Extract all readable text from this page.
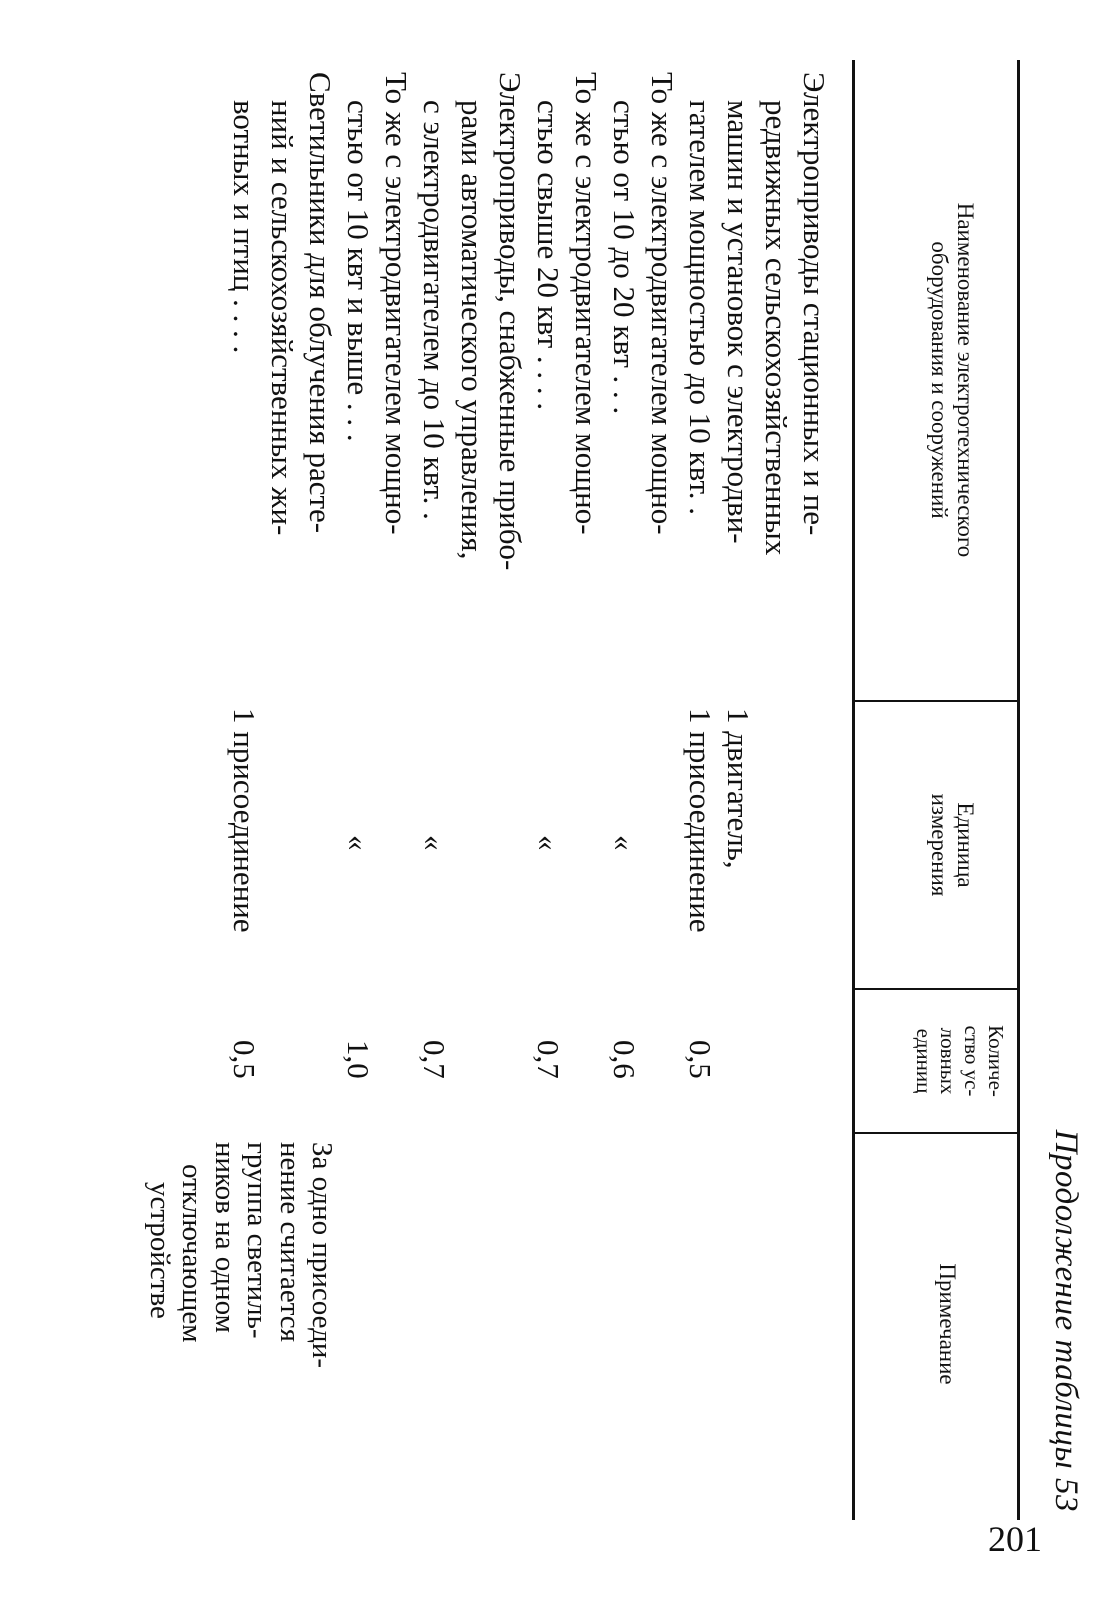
Продолжение таблицы 53
Наименование электротехнического
оборудования и сооружений
Единица
измерения
Количе-
ство ус-
ловных
единиц
Примечание
Электроприводы стационных и пе-
редвижных сельскохозяйственных
машин и установок с электродви-
гателем мощностью до 10 квт. .
1 двигатель,
1 присоединение
0,5
То же с электродвигателем мощно-
стью от 10 до 20 квт . . .
«
0,6
То же с электродвигателем мощно-
стью свыше 20 квт . . . .
«
0,7
Электроприводы, снабженные прибо-
рами автоматического управления,
с электродвигателем до 10 квт. .
«
0,7
То же с электродвигателем мощно-
стью от 10 квт и выше . . .
«
1,0
Светильники для облучения расте-
ний и сельскохозяйственных жи-
вотных и птиц . . . .
1 присоединение
0,5
За одно присоеди-
нение считается
группа светиль-
ников на одном
отключающем
устройстве
201
